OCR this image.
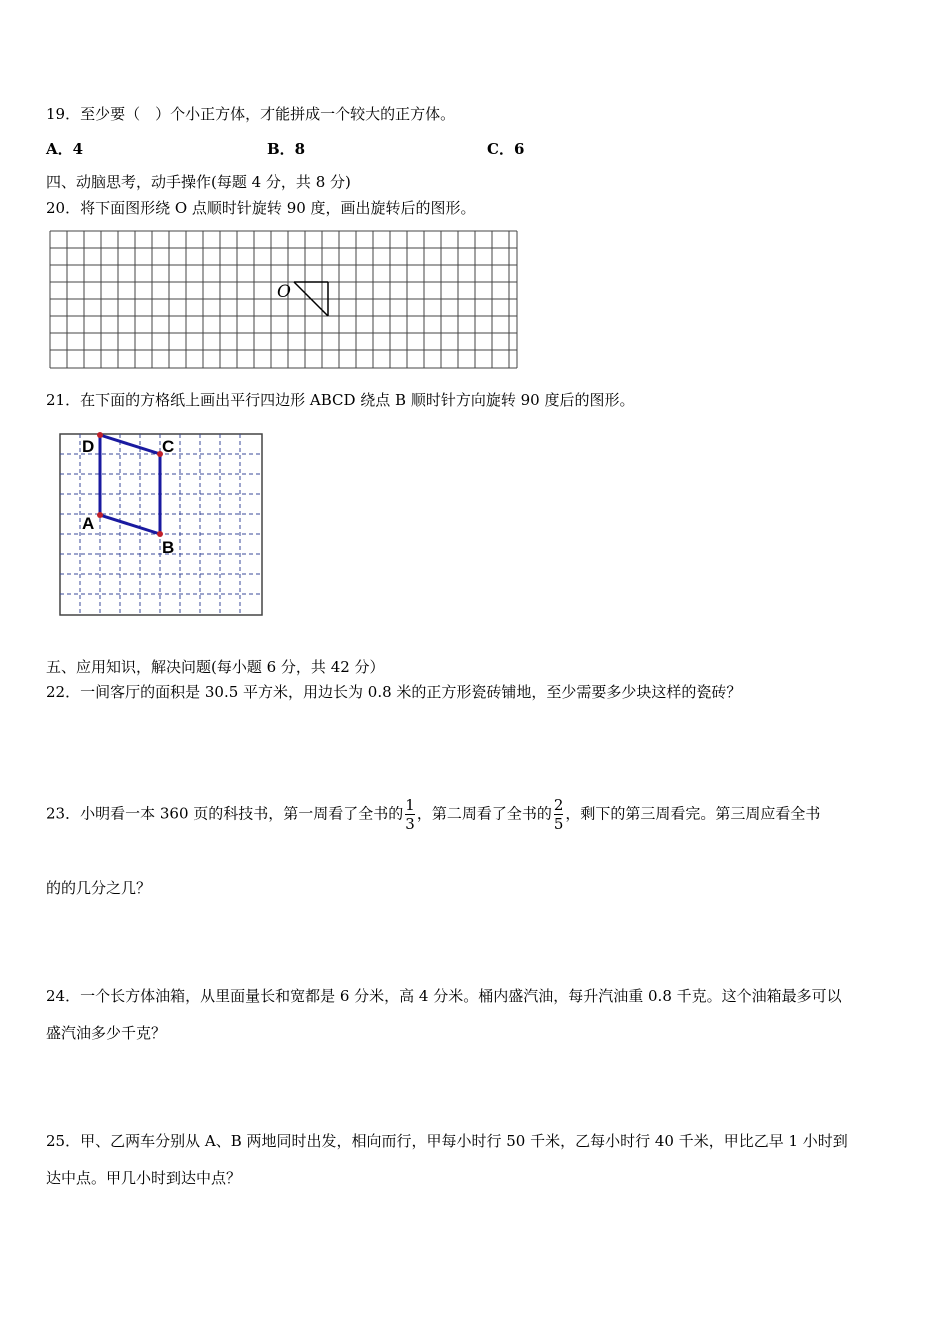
19．至少要（　）个小正方体，才能拼成一个较大的正方体。
A．4	B．8	C．6
四、动脑思考，动手操作(每题 4 分，共 8 分)
20．将下面图形绕 O 点顺时针旋转 90 度，画出旋转后的图形。
O
21．在下面的方格纸上画出平行四边形 ABCD 绕点 B 顺时针方向旋转 90 度后的图形。
D	C
A
B
五、应用知识，解决问题(每小题 6 分，共 42 分）
22．一间客厅的面积是 30.5 平方米，用边长为 0.8 米的正方形瓷砖铺地，至少需要多少块这样的瓷砖？
23．小明看一本 360 页的科技书，第一周看了全书的 $\frac{1}{3}$ ，第二周看了全书的 $\frac{2}{5}$ ，剩下的第三周看完。第三周应看全书
的的几分之几？
24．一个长方体油箱，从里面量长和宽都是 6 分米，高 4 分米。桶内盛汽油，每升汽油重 0.8 千克。这个油箱最多可以
盛汽油多少千克？
25．甲、乙两车分别从 A、B 两地同时出发，相向而行，甲每小时行 50 千米，乙每小时行 40 千米，甲比乙早 1 小时到
达中点。甲几小时到达中点？
